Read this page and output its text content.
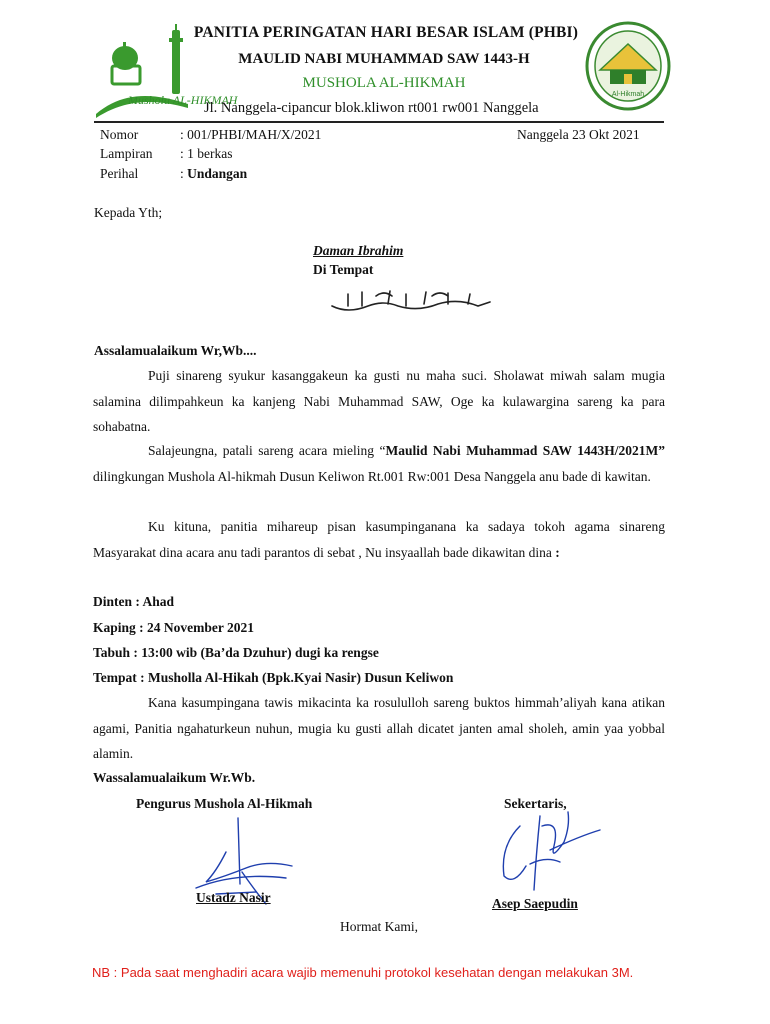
Mushola AL-HIKMAH	Al-Hikmah
PANITIA PERINGATAN HARI BESAR ISLAM (PHBI)
MAULID NABI MUHAMMAD SAW 1443-H
MUSHOLA AL-HIKMAH
Jl. Nanggela-cipancur blok.kliwon rt001 rw001 Nanggela
Nomor	: 001/PHBI/MAH/X/2021	Nanggela 23 Okt 2021
Lampiran : 1 berkas
Perihal	: Undangan
Kepada Yth;
Daman Ibrahim
Di Tempat
Assalamualaikum Wr,Wb....
Puji sinareng syukur kasanggakeun ka gusti nu maha suci. Sholawat miwah salam mugia salamina dilimpahkeun ka kanjeng Nabi Muhammad SAW, Oge ka kulawargina sareng ka para sohabatna.
Salajeungna, patali sareng acara mieling “Maulid Nabi Muhammad SAW 1443H/2021M” dilingkungan Mushola Al-hikmah Dusun Keliwon Rt.001 Rw:001 Desa Nanggela anu bade di kawitan.
Ku kituna, panitia mihareup pisan kasumpinganana ka sadaya tokoh agama sinareng Masyarakat dina acara anu tadi parantos di sebat , Nu insyaallah bade dikawitan dina :
Dinten : Ahad
Kaping : 24 November 2021
Tabuh : 13:00 wib (Ba’da Dzuhur) dugi ka rengse
Tempat : Musholla Al-Hikah (Bpk.Kyai Nasir) Dusun Keliwon
Kana kasumpingana tawis mikacinta ka rosululloh sareng buktos himmah’aliyah kana atikan agami, Panitia ngahaturkeun nuhun, mugia ku gusti allah dicatet janten amal sholeh, amin yaa yobbal alamin.
Wassalamualaikum Wr.Wb.
Pengurus Mushola Al-Hikmah	Sekertaris,
Ustadz Nasir	Asep Saepudin
Hormat Kami,
NB : Pada saat menghadiri acara wajib memenuhi protokol kesehatan dengan melakukan 3M.
